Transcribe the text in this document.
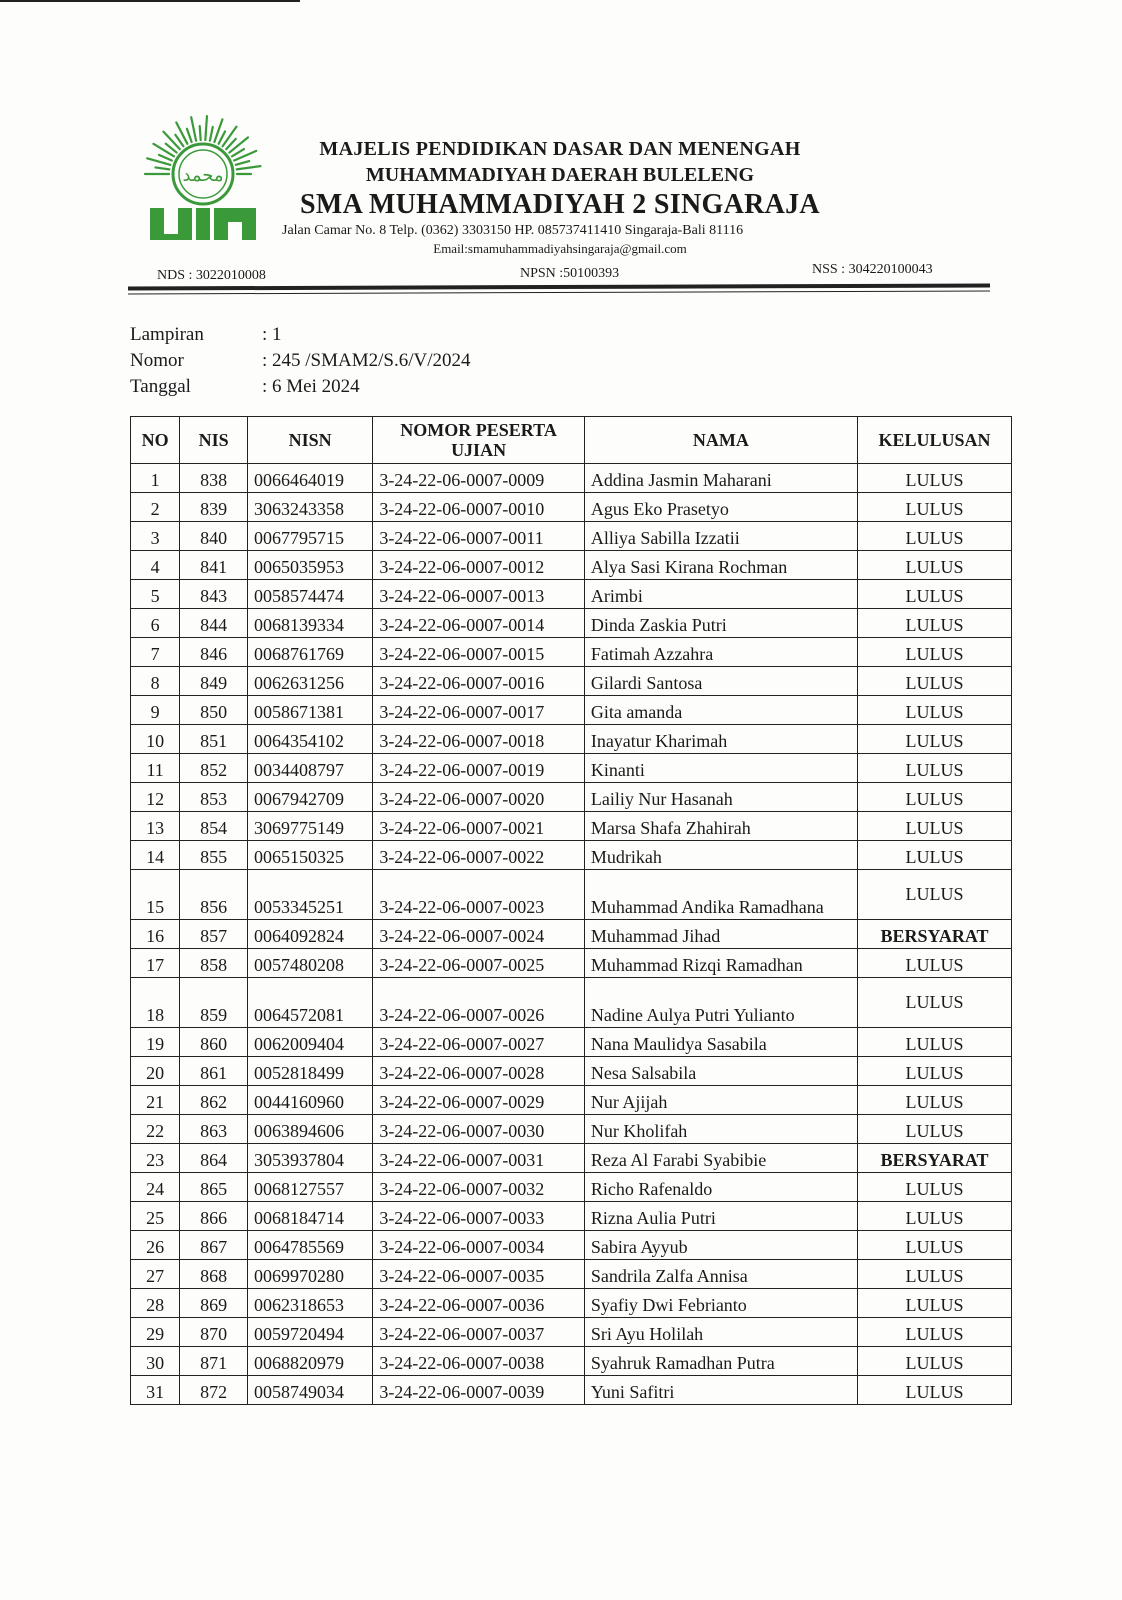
محمد
MAJELIS PENDIDIKAN DASAR DAN MENENGAH
MUHAMMADIYAH DAERAH BULELENG
SMA MUHAMMADIYAH 2 SINGARAJA
Jalan Camar No. 8 Telp. (0362) 3303150 HP. 085737411410 Singaraja-Bali 81116
Email:smamuhammadiyahsingaraja@gmail.com
NDS : 3022010008	NPSN :50100393	NSS : 304220100043
Lampiran	: 1
Nomor	: 245 /SMAM2/S.6/V/2024
Tanggal	: 6 Mei 2024
NO	NIS	NISN	NOMOR PESERTA UJIAN	NAMA	KELULUSAN
1	838	0066464019	3-24-22-06-0007-0009	Addina Jasmin Maharani	LULUS
2	839	3063243358	3-24-22-06-0007-0010	Agus Eko Prasetyo	LULUS
3	840	0067795715	3-24-22-06-0007-0011	Alliya Sabilla Izzatii	LULUS
4	841	0065035953	3-24-22-06-0007-0012	Alya Sasi Kirana Rochman	LULUS
5	843	0058574474	3-24-22-06-0007-0013	Arimbi	LULUS
6	844	0068139334	3-24-22-06-0007-0014	Dinda Zaskia Putri	LULUS
7	846	0068761769	3-24-22-06-0007-0015	Fatimah Azzahra	LULUS
8	849	0062631256	3-24-22-06-0007-0016	Gilardi Santosa	LULUS
9	850	0058671381	3-24-22-06-0007-0017	Gita amanda	LULUS
10	851	0064354102	3-24-22-06-0007-0018	Inayatur Kharimah	LULUS
11	852	0034408797	3-24-22-06-0007-0019	Kinanti	LULUS
12	853	0067942709	3-24-22-06-0007-0020	Lailiy Nur Hasanah	LULUS
13	854	3069775149	3-24-22-06-0007-0021	Marsa Shafa Zhahirah	LULUS
14	855	0065150325	3-24-22-06-0007-0022	Mudrikah	LULUS
15	856	0053345251	3-24-22-06-0007-0023	Muhammad Andika Ramadhana	LULUS
16	857	0064092824	3-24-22-06-0007-0024	Muhammad Jihad	BERSYARAT
17	858	0057480208	3-24-22-06-0007-0025	Muhammad Rizqi Ramadhan	LULUS
18	859	0064572081	3-24-22-06-0007-0026	Nadine Aulya Putri Yulianto	LULUS
19	860	0062009404	3-24-22-06-0007-0027	Nana Maulidya Sasabila	LULUS
20	861	0052818499	3-24-22-06-0007-0028	Nesa Salsabila	LULUS
21	862	0044160960	3-24-22-06-0007-0029	Nur Ajijah	LULUS
22	863	0063894606	3-24-22-06-0007-0030	Nur Kholifah	LULUS
23	864	3053937804	3-24-22-06-0007-0031	Reza Al Farabi Syabibie	BERSYARAT
24	865	0068127557	3-24-22-06-0007-0032	Richo Rafenaldo	LULUS
25	866	0068184714	3-24-22-06-0007-0033	Rizna Aulia Putri	LULUS
26	867	0064785569	3-24-22-06-0007-0034	Sabira Ayyub	LULUS
27	868	0069970280	3-24-22-06-0007-0035	Sandrila Zalfa Annisa	LULUS
28	869	0062318653	3-24-22-06-0007-0036	Syafiy Dwi Febrianto	LULUS
29	870	0059720494	3-24-22-06-0007-0037	Sri Ayu Holilah	LULUS
30	871	0068820979	3-24-22-06-0007-0038	Syahruk Ramadhan Putra	LULUS
31	872	0058749034	3-24-22-06-0007-0039	Yuni Safitri	LULUS
